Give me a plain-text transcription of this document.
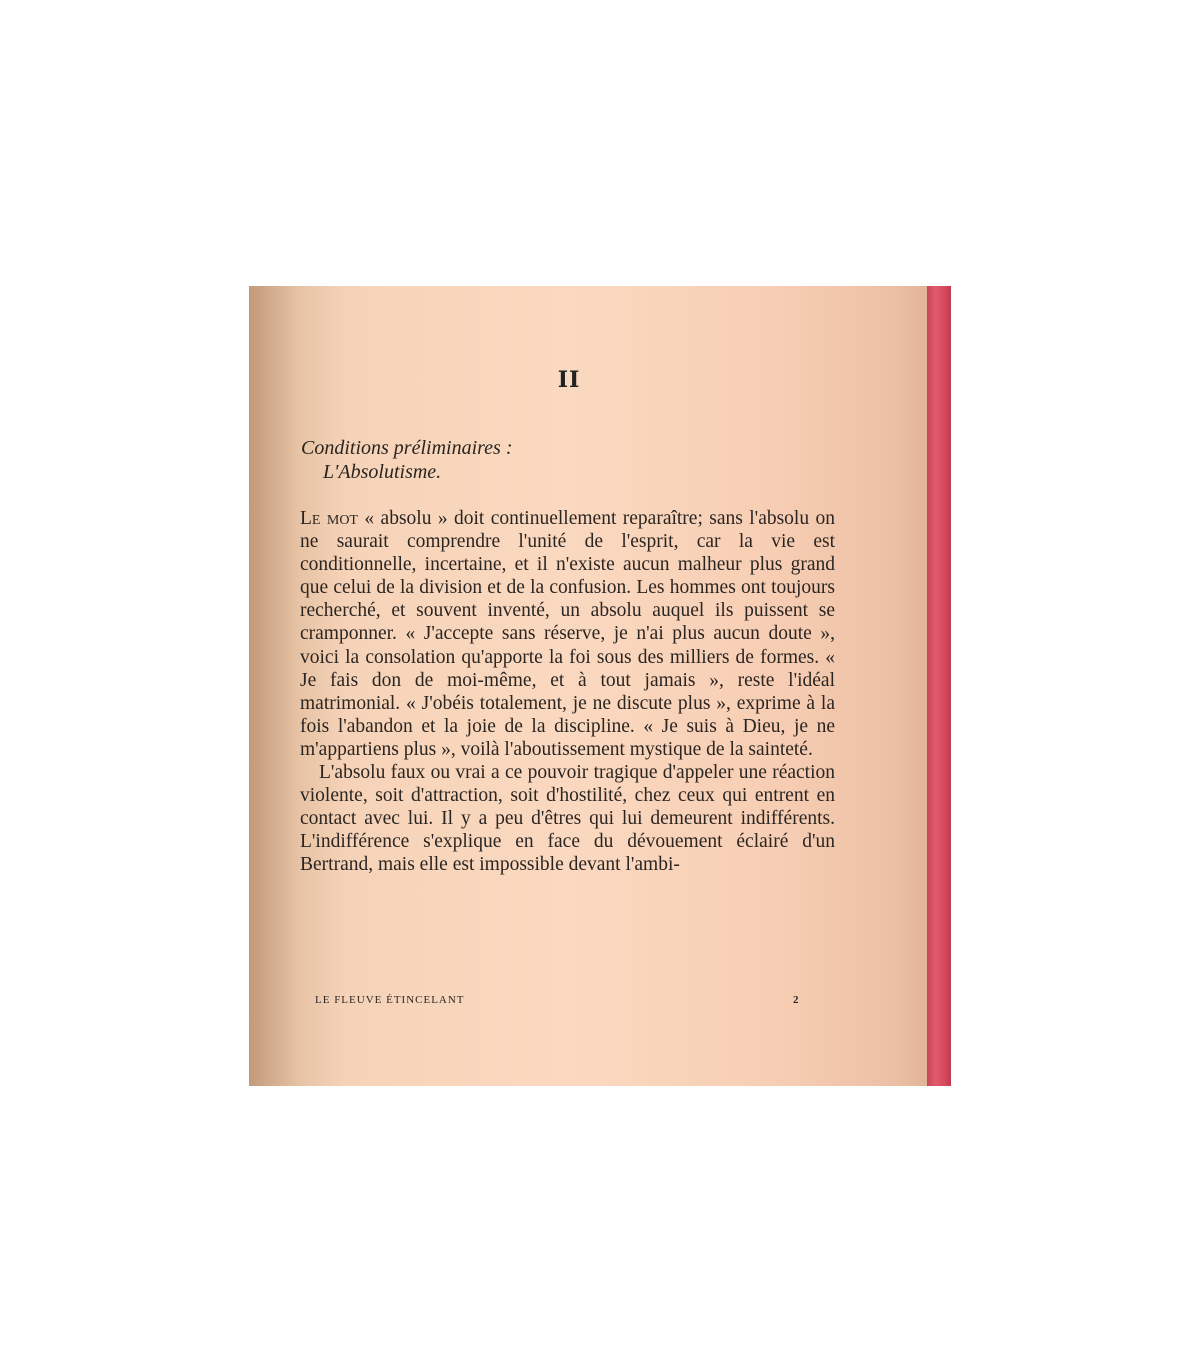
II
Conditions préliminaires :
L'Absolutisme.

Le mot « absolu » doit continuellement reparaître; sans l'absolu on ne saurait comprendre l'unité de l'esprit, car la vie est conditionnelle, incertaine, et il n'existe aucun malheur plus grand que celui de la division et de la confusion. Les hommes ont toujours recherché, et souvent inventé, un absolu auquel ils puissent se cramponner. « J'accepte sans réserve, je n'ai plus aucun doute », voici la consolation qu'apporte la foi sous des milliers de formes. « Je fais don de moi-même, et à tout jamais », reste l'idéal matrimonial. « J'obéis totalement, je ne discute plus », exprime à la fois l'abandon et la joie de la discipline. « Je suis à Dieu, je ne m'appartiens plus », voilà l'aboutissement mystique de la sainteté.

L'absolu faux ou vrai a ce pouvoir tragique d'appeler une réaction violente, soit d'attraction, soit d'hostilité, chez ceux qui entrent en contact avec lui. Il y a peu d'êtres qui lui demeurent indifférents. L'indifférence s'explique en face du dévouement éclairé d'un Bertrand, mais elle est impossible devant l'ambi-

LE FLEUVE ÉTINCELANT	2
